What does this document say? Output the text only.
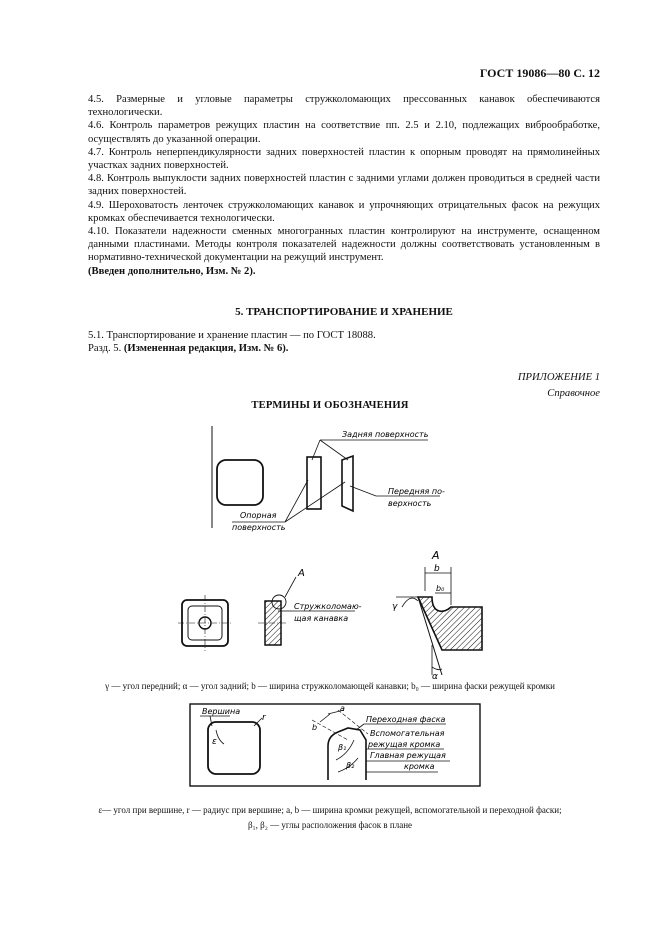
ГОСТ 19086—80 С. 12

4.5. Размерные и угловые параметры стружколомающих прессованных канавок обеспечиваются технологически.

4.6. Контроль параметров режущих пластин на соответствие пп. 2.5 и 2.10, подлежащих виброобработке, осуществлять до указанной операции.

4.7. Контроль неперпендикулярности задних поверхностей пластин к опорным проводят на прямолинейных участках задних поверхностей.

4.8. Контроль выпуклости задних поверхностей пластин с задними углами должен проводиться в средней части задних поверхностей.

4.9. Шероховатость ленточек стружколомающих канавок и упрочняющих отрицательных фасок на режущих кромках обеспечивается технологически.

4.10. Показатели надежности сменных многогранных пластин контролируют на инструменте, оснащенном данными пластинами. Методы контроля показателей надежности должны соответствовать установленным в нормативно-технической документации на режущий инструмент.

(Введен дополнительно, Изм. № 2).

5. ТРАНСПОРТИРОВАНИЕ И ХРАНЕНИЕ

5.1. Транспортирование и хранение пластин — по ГОСТ 18088.

Разд. 5. (Измененная редакция, Изм. № 6).

ПРИЛОЖЕНИЕ 1
Справочное
ТЕРМИНЫ И ОБОЗНАЧЕНИЯ
Задняя поверхность
Передняя по-
верхность
Опорная
поверхность
A
Стружколомаю-
щая канавка
A
b
b₀
γ
α
γ — угол передний; α — угол задний; b — ширина стружколомающей канавки; b₀ — ширина фаски режущей кромки
Вершина
ε
r
b
a
β₁
β₂
Переходная фаска
Вспомогательная
режущая кромка
Главная режущая
кромка
ε— угол при вершине, r — радиус при вершине; a, b — ширина кромки режущей, вспомогательной и переходной фаски;
β₁, β₂ — углы расположения фасок в плане
